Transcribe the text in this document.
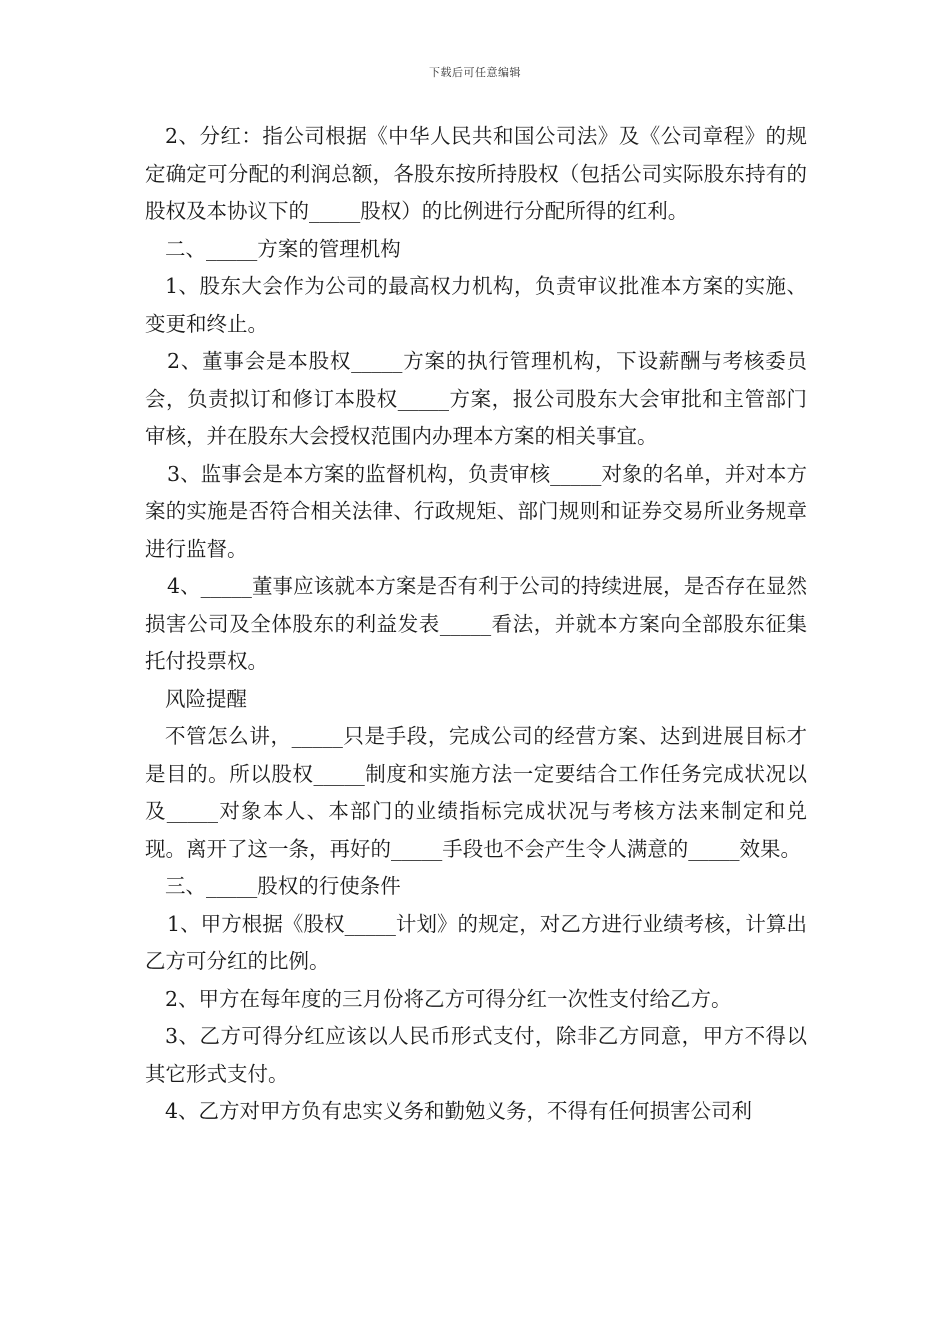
下载后可任意编辑

2、分红：指公司根据《中华人民共和国公司法》及《公司章程》的规定确定可分配的利润总额，各股东按所持股权（包括公司实际股东持有的股权及本协议下的_____股权）的比例进行分配所得的红利。

二、_____方案的管理机构

1、股东大会作为公司的最高权力机构，负责审议批准本方案的实施、变更和终止。

2、董事会是本股权_____方案的执行管理机构，下设薪酬与考核委员会，负责拟订和修订本股权_____方案，报公司股东大会审批和主管部门审核，并在股东大会授权范围内办理本方案的相关事宜。

3、监事会是本方案的监督机构，负责审核_____对象的名单，并对本方案的实施是否符合相关法律、行政规矩、部门规则和证券交易所业务规章进行监督。

4、_____董事应该就本方案是否有利于公司的持续进展，是否存在显然损害公司及全体股东的利益发表_____看法，并就本方案向全部股东征集托付投票权。

风险提醒

不管怎么讲，_____只是手段，完成公司的经营方案、达到进展目标才是目的。所以股权_____制度和实施方法一定要结合工作任务完成状况以及_____对象本人、本部门的业绩指标完成状况与考核方法来制定和兑现。离开了这一条，再好的_____手段也不会产生令人满意的_____效果。

三、_____股权的行使条件

1、甲方根据《股权_____计划》的规定，对乙方进行业绩考核，计算出乙方可分红的比例。

2、甲方在每年度的三月份将乙方可得分红一次性支付给乙方。

3、乙方可得分红应该以人民币形式支付，除非乙方同意，甲方不得以其它形式支付。

4、乙方对甲方负有忠实义务和勤勉义务，不得有任何损害公司利
